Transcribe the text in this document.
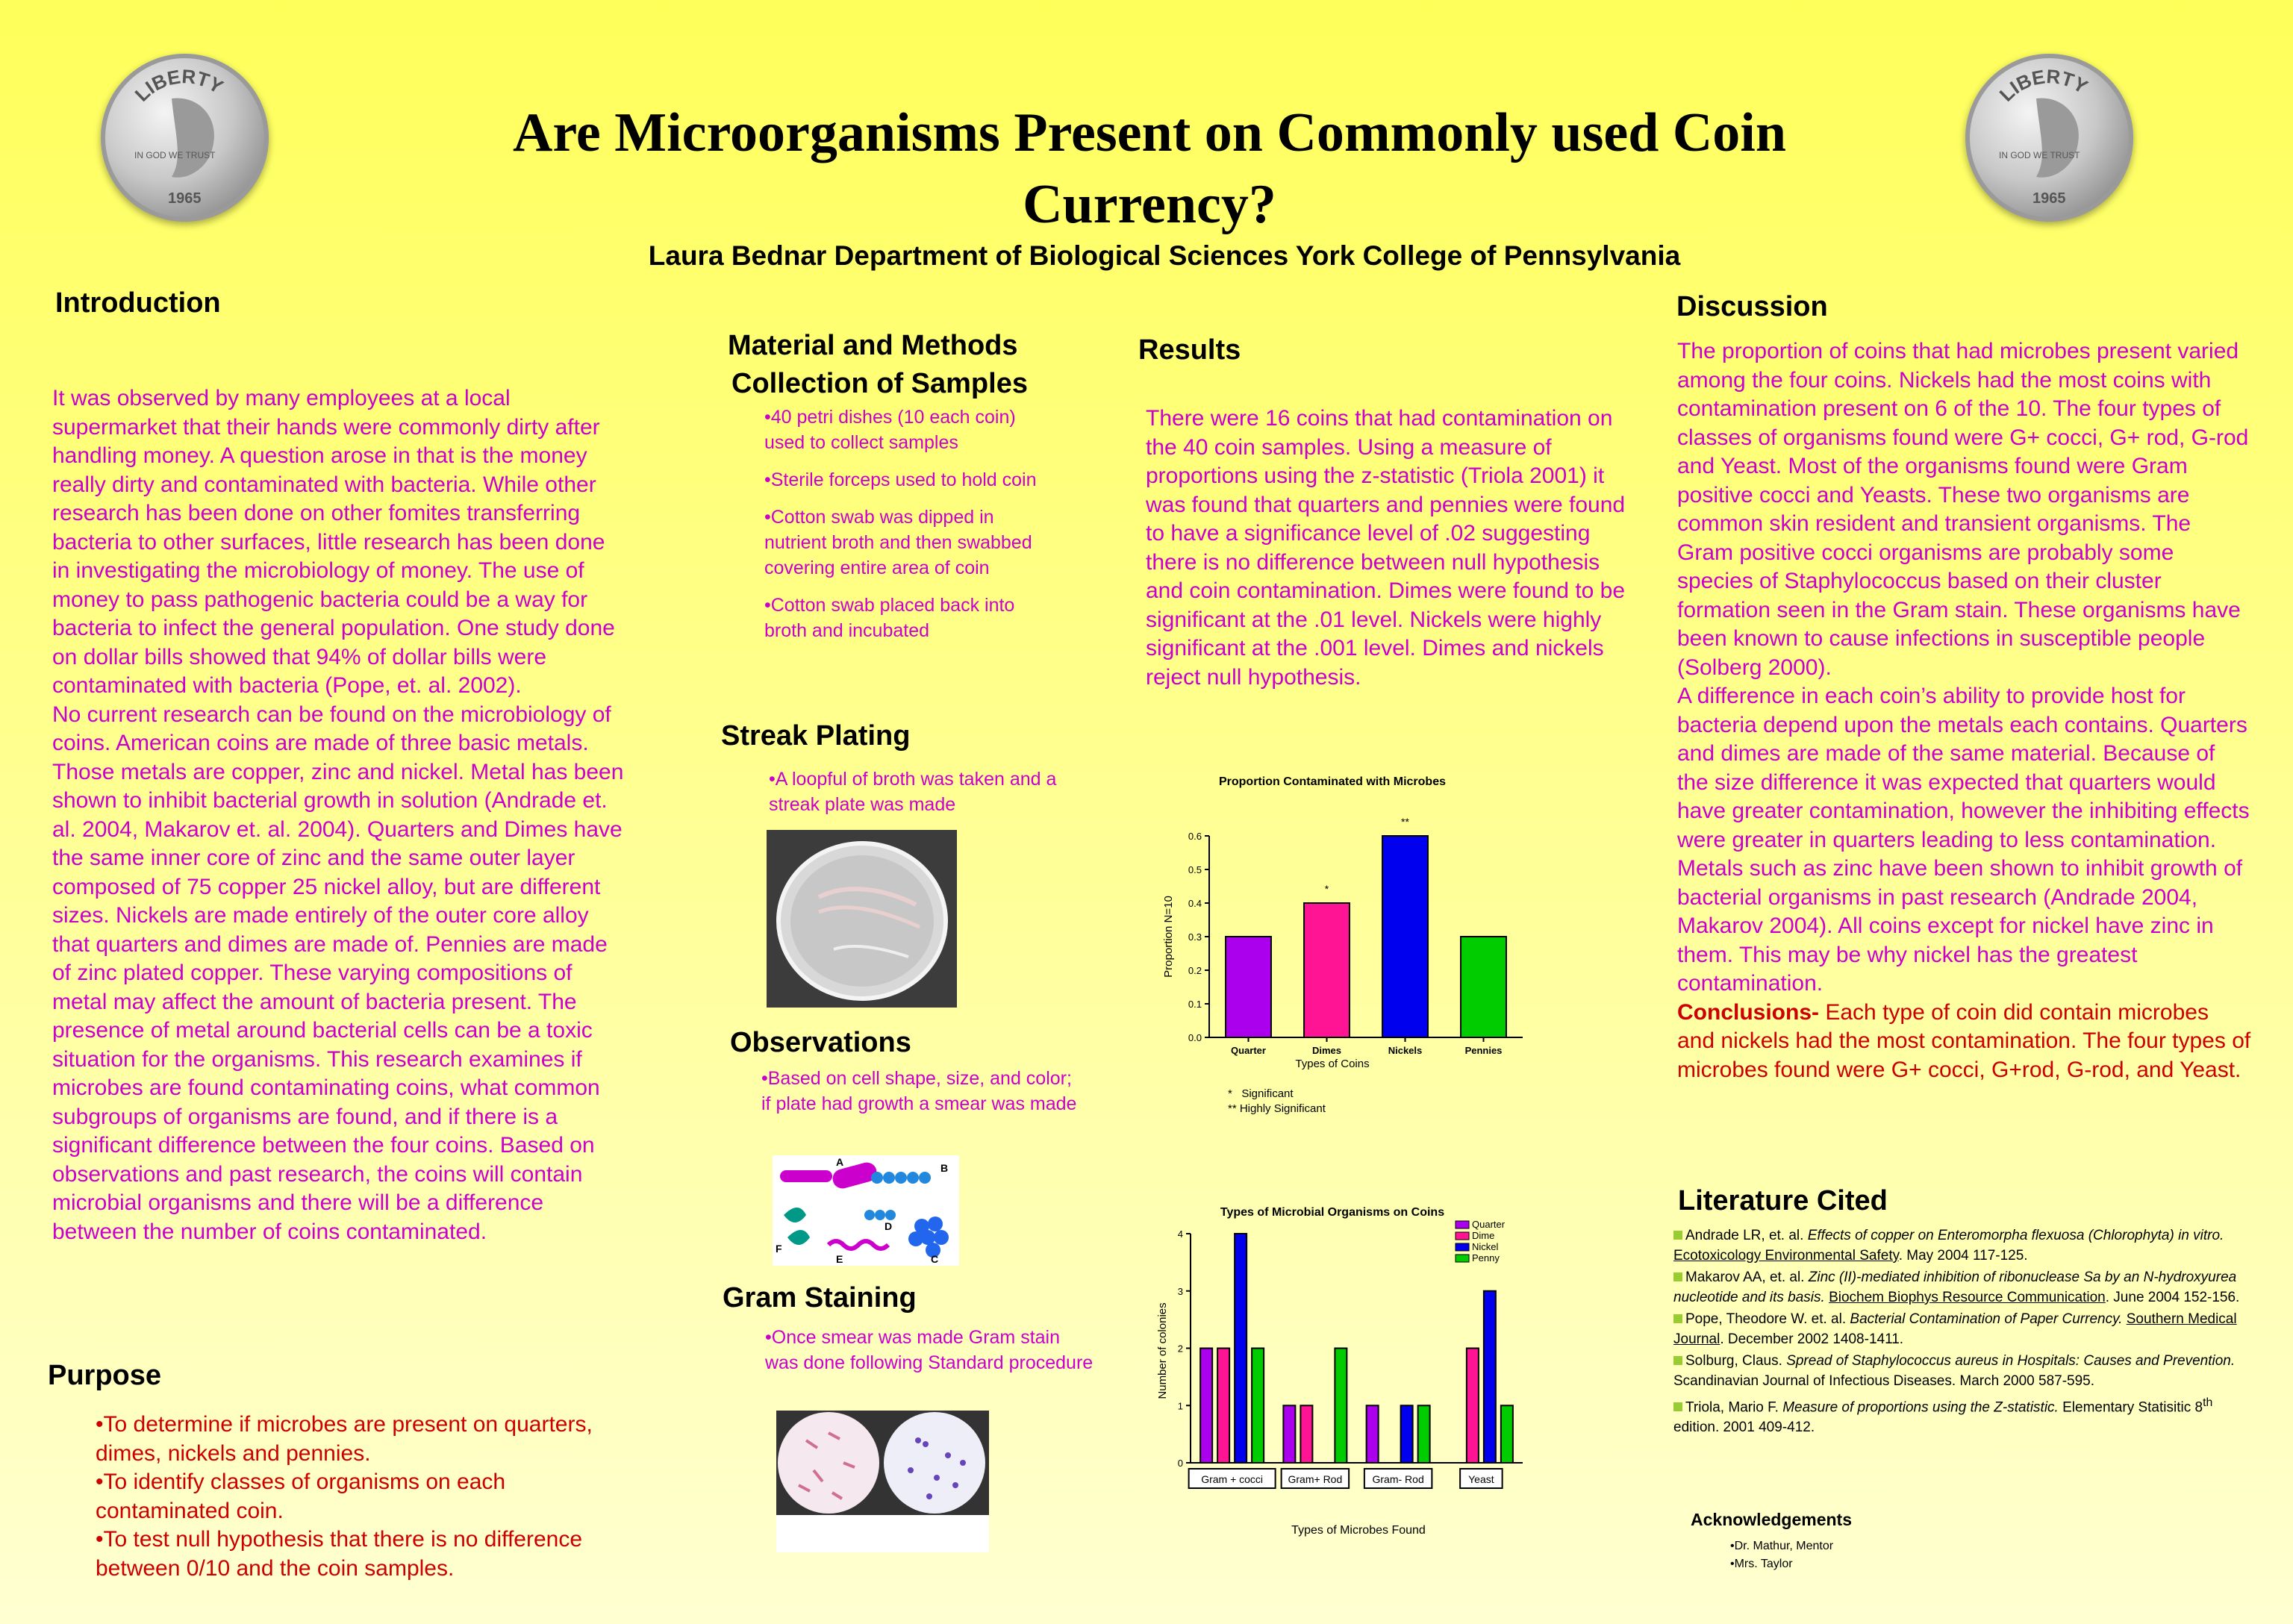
LIBERTY
IN GOD WE TRUST
1965
LIBERTY
IN GOD WE TRUST
1965
Are Microorganisms Present on Commonly used Coin Currency?
Laura Bednar Department of Biological Sciences York College of Pennsylvania
Introduction
It was observed by many employees at a local supermarket that their hands were commonly dirty after handling money. A question arose in that is the money really dirty and contaminated with bacteria. While other research has been done on other fomites transferring bacteria to other surfaces, little research has been done in investigating the microbiology of money. The use of money to pass pathogenic bacteria could be a way for bacteria to infect the general population. One study done on dollar bills showed that 94% of dollar bills were contaminated with bacteria (Pope, et. al. 2002).
No current research can be found on the microbiology of coins. American coins are made of three basic metals. Those metals are copper, zinc and nickel. Metal has been shown to inhibit bacterial growth in solution (Andrade et. al. 2004, Makarov et. al. 2004). Quarters and Dimes have the same inner core of zinc and the same outer layer composed of 75 copper 25 nickel alloy, but are different sizes. Nickels are made entirely of the outer core alloy that quarters and dimes are made of. Pennies are made of zinc plated copper. These varying compositions of metal may affect the amount of bacteria present. The presence of metal around bacterial cells can be a toxic situation for the organisms. This research examines if microbes are found contaminating coins, what common subgroups of organisms are found, and if there is a significant difference between the four coins. Based on observations and past research, the coins will contain microbial organisms and there will be a difference between the number of coins contaminated.
Purpose
•To determine if microbes are present on quarters, dimes, nickels and pennies.
•To identify classes of organisms on each contaminated coin.
•To test null hypothesis that there is no difference between 0/10 and the coin samples.
Material and Methods
Collection of Samples

•40 petri dishes (10 each coin) used to collect samples

•Sterile forceps used to hold coin

•Cotton swab was dipped in nutrient broth and then swabbed covering entire area of coin

•Cotton swab placed back into broth and incubated

Streak Plating

•A loopful of broth was taken and a streak plate was made

Observations

•Based on cell shape, size, and color; if plate had growth a smear was made

A	B
C
D
E
F
Gram Staining

•Once smear was made Gram stain was done following Standard procedure

Results
There were 16 coins that had contamination on the 40 coin samples. Using a measure of proportions using the z-statistic (Triola 2001) it was found that quarters and pennies were found to have a significance level of .02 suggesting there is no difference between null hypothesis and coin contamination. Dimes were found to be significant at the .01 level. Nickels were highly significant at the .001 level. Dimes and nickels reject null hypothesis.
Proportion Contaminated with Microbes
0.0
0.1
0.2
0.3
0.4
0.5
0.6
Quarter	Dimes
*
Nickels
**
Pennies
Proportion N=10
Types of Coins
*   Significant
** Highly Significant
Types of Microbial Organisms on Coins
0
1
2
3
4
Gram + cocci Gram+ Rod	Gram- Rod	Yeast
Quarter
Dime
Nickel
Penny
Number of colonies
Types of Microbes Found
Discussion
The proportion of coins that had microbes present varied among the four coins. Nickels had the most coins with contamination present on 6 of the 10. The four types of classes of organisms found were G+ cocci, G+ rod, G-rod and Yeast. Most of the organisms found were Gram positive cocci and Yeasts. These two organisms are common skin resident and transient organisms. The Gram positive cocci organisms are probably some species of Staphylococcus based on their cluster formation seen in the Gram stain. These organisms have been known to cause infections in susceptible people (Solberg 2000).
A difference in each coin’s ability to provide host for bacteria depend upon the metals each contains. Quarters and dimes are made of the same material. Because of the size difference it was expected that quarters would have greater contamination, however the inhibiting effects were greater in quarters leading to less contamination. Metals such as zinc have been shown to inhibit growth of bacterial organisms in past research (Andrade 2004, Makarov 2004). All coins except for nickel have zinc in them. This may be why nickel has the greatest contamination.
Conclusions- Each type of coin did contain microbes and nickels had the most contamination. The four types of microbes found were G+ cocci, G+rod, G-rod, and Yeast.
Literature Cited

Andrade LR, et. al. Effects of copper on Enteromorpha flexuosa (Chlorophyta) in vitro. Ecotoxicology Environmental Safety. May 2004 117-125.

Makarov AA, et. al. Zinc (II)-mediated inhibition of ribonuclease Sa by an N-hydroxyurea nucleotide and its basis. Biochem Biophys Resource Communication. June 2004 152-156.

Pope, Theodore W. et. al. Bacterial Contamination of Paper Currency. Southern Medical Journal. December 2002 1408-1411.

Solburg, Claus. Spread of Staphylococcus aureus in Hospitals: Causes and Prevention. Scandinavian Journal of Infectious Diseases. March 2000 587-595.

Triola, Mario F. Measure of proportions using the Z-statistic. Elementary Statisitic 8th edition. 2001 409-412.

Acknowledgements
•Dr. Mathur, Mentor
•Mrs. Taylor
